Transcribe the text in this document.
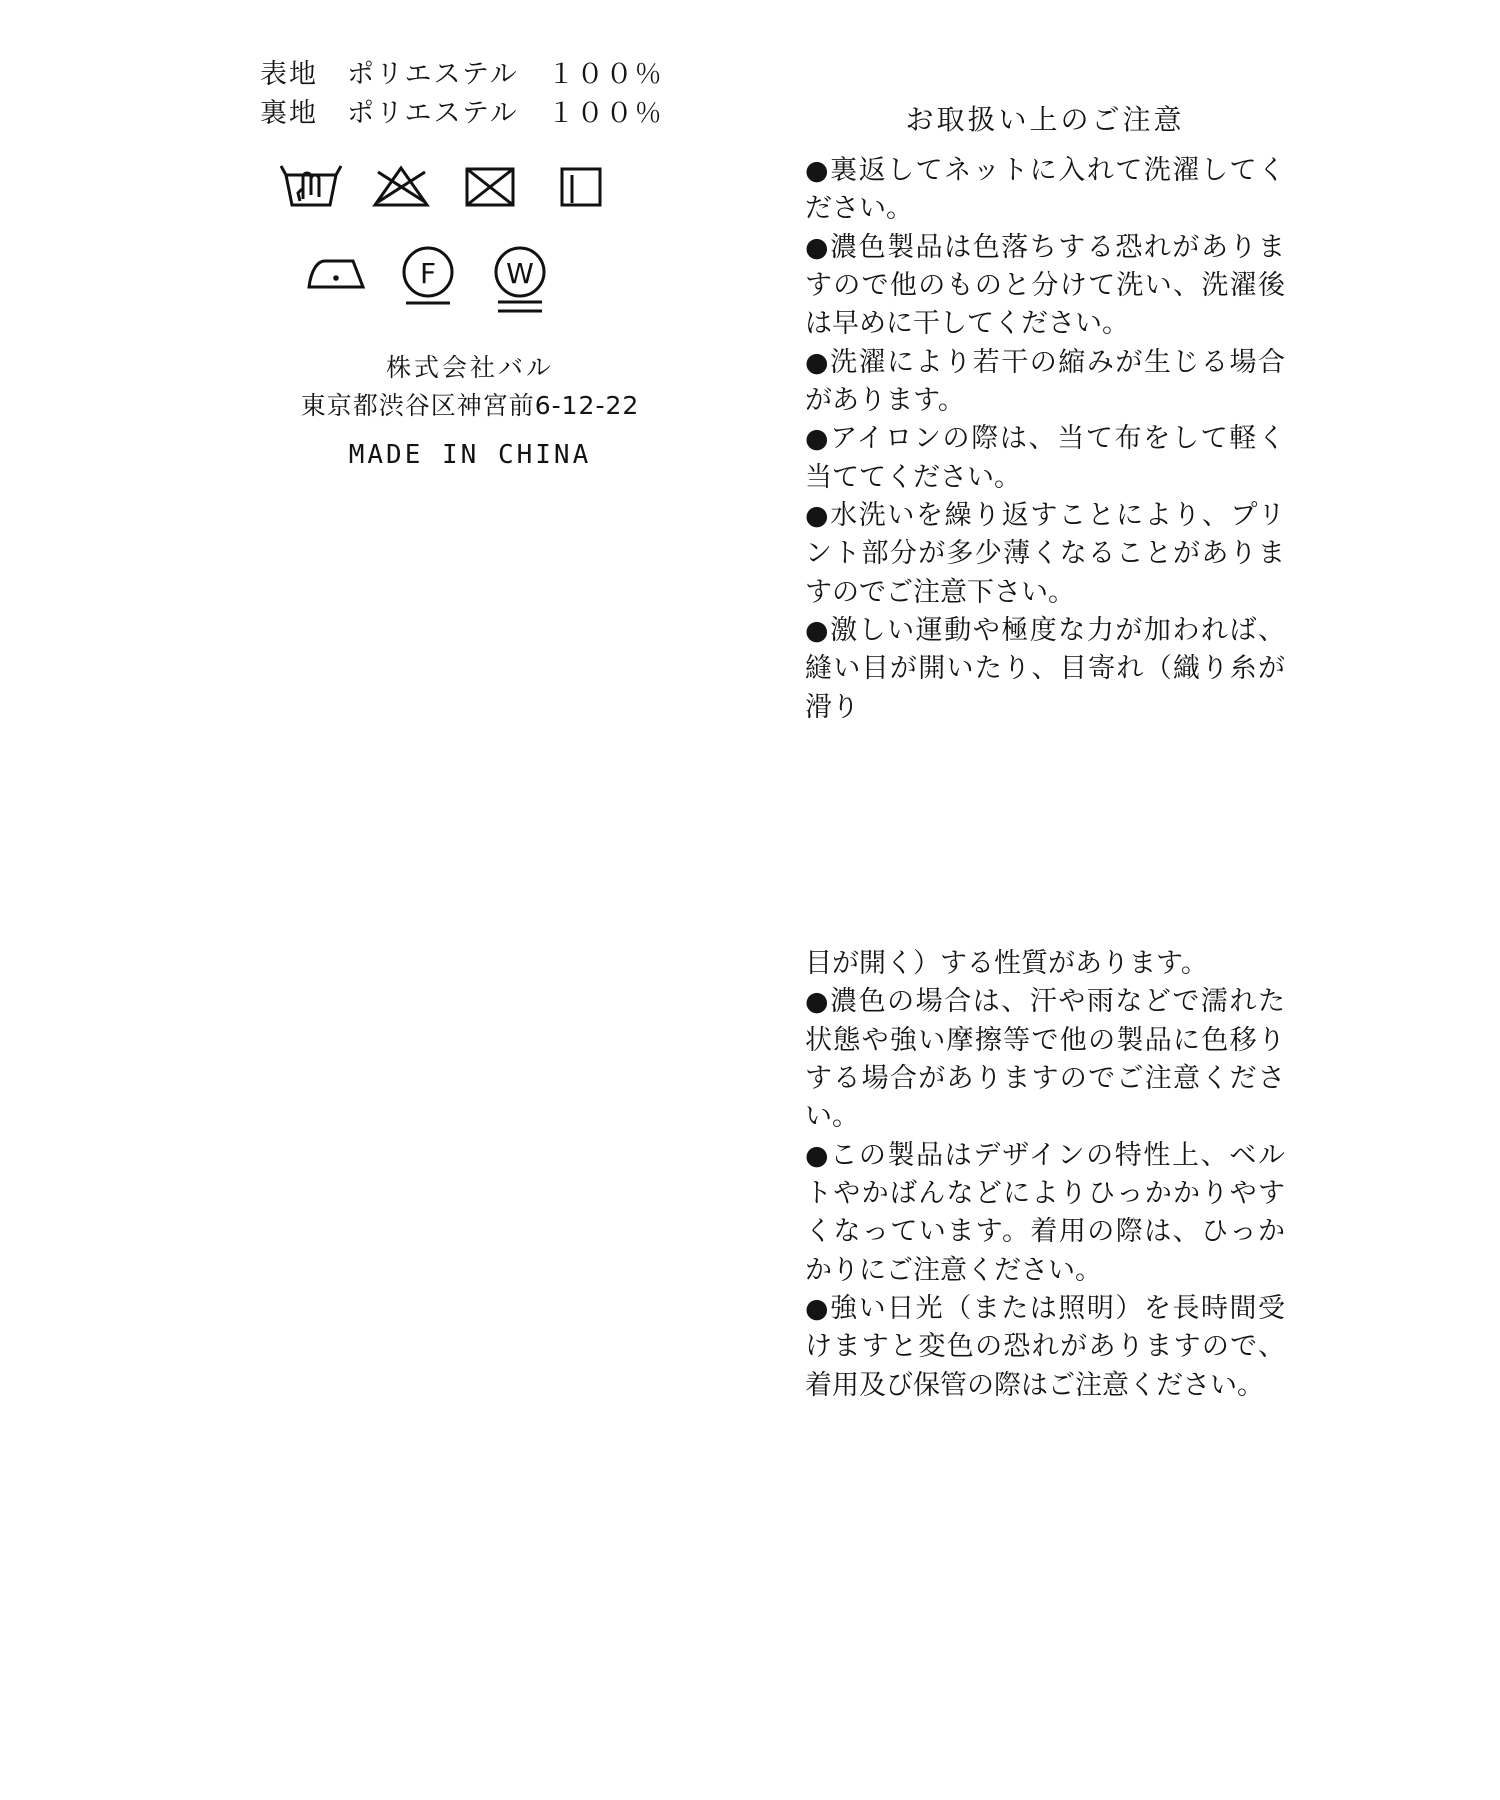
表地　ポリエステル　１００％
裏地　ポリエステル　１００％
F	W
株式会社バル
東京都渋谷区神宮前6-12-22
MADE IN CHINA
お取扱い上のご注意
●裏返してネットに入れて洗濯してください。
●濃色製品は色落ちする恐れがありますので他のものと分けて洗い、洗濯後は早めに干してください。
●洗濯により若干の縮みが生じる場合があります。
●アイロンの際は、当て布をして軽く当ててください。
●水洗いを繰り返すことにより、プリント部分が多少薄くなることがありますのでご注意下さい。
●激しい運動や極度な力が加われば、縫い目が開いたり、目寄れ（織り糸が滑り
目が開く）する性質があります。
●濃色の場合は、汗や雨などで濡れた状態や強い摩擦等で他の製品に色移りする場合がありますのでご注意ください。
●この製品はデザインの特性上、ベルトやかばんなどによりひっかかりやすくなっています。着用の際は、ひっかかりにご注意ください。
●強い日光（または照明）を長時間受けますと変色の恐れがありますので、着用及び保管の際はご注意ください。
